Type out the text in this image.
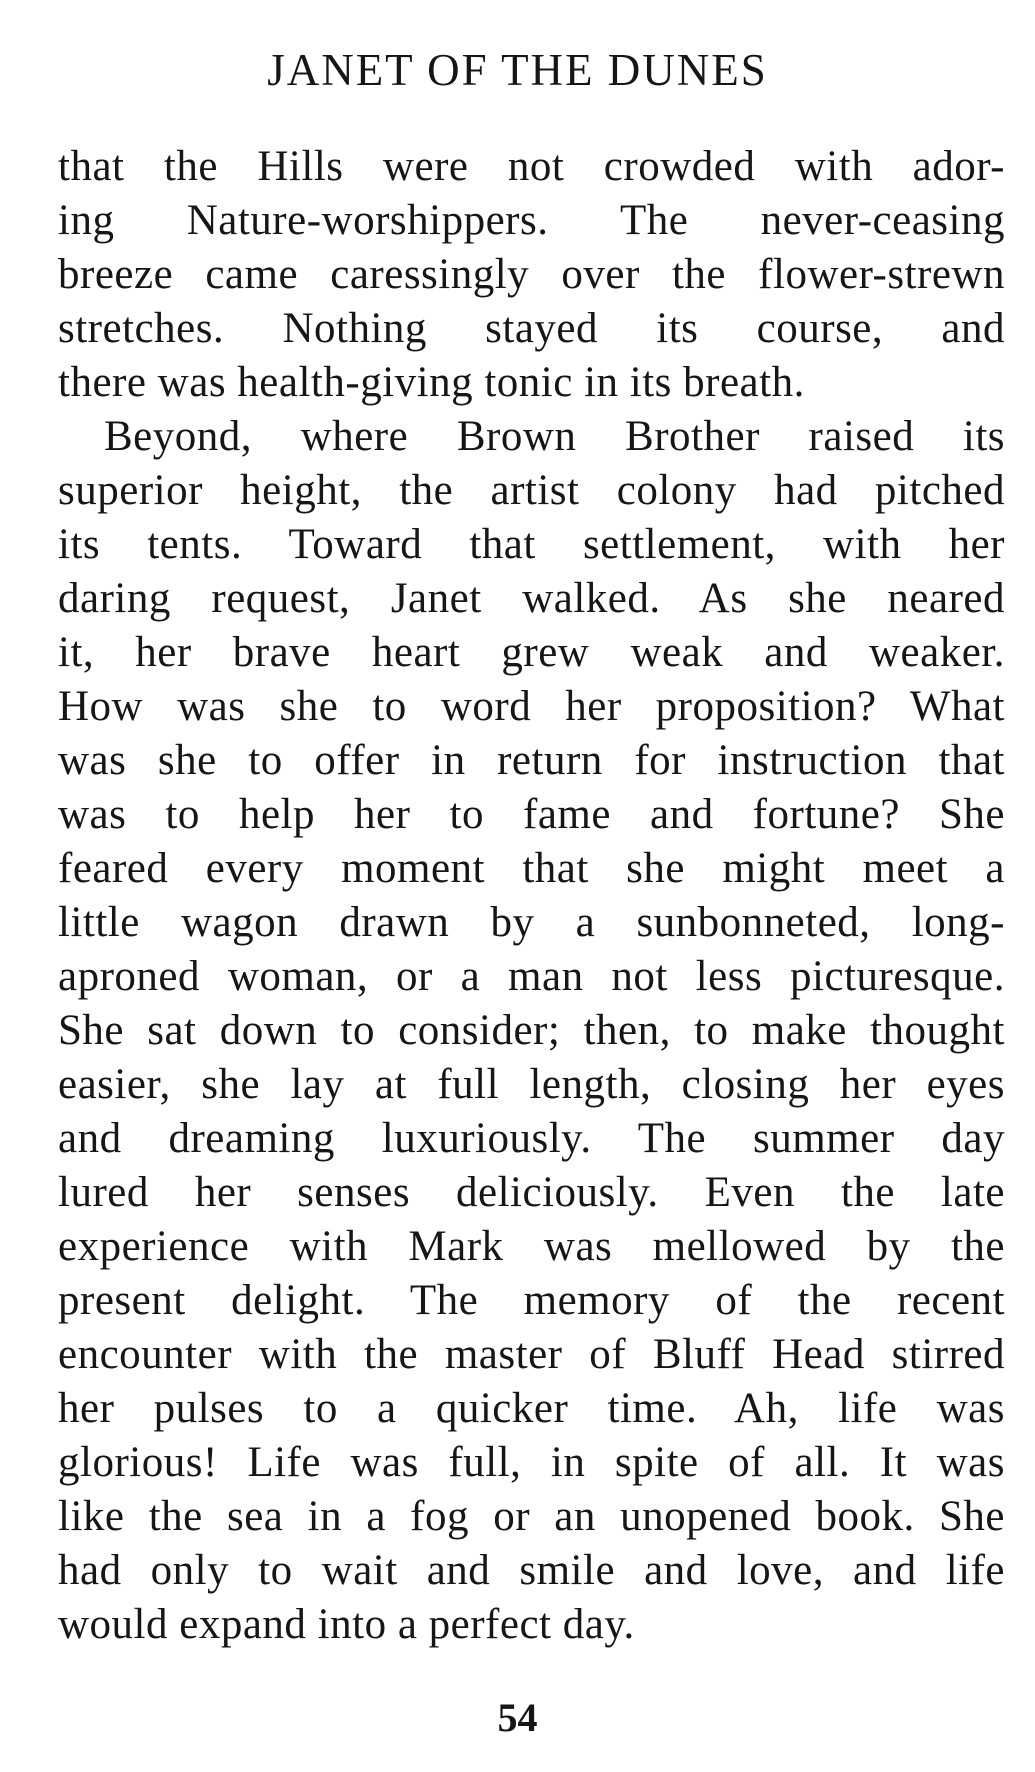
JANET OF THE DUNES
that the Hills were not crowded with ador-
ing Nature-worshippers. The never-ceasing
breeze came caressingly over the flower-strewn
stretches. Nothing stayed its course, and
there was health-giving tonic in its breath.
Beyond, where Brown Brother raised its
superior height, the artist colony had pitched
its tents. Toward that settlement, with her
daring request, Janet walked. As she neared
it, her brave heart grew weak and weaker.
How was she to word her proposition? What
was she to offer in return for instruction that
was to help her to fame and fortune? She
feared every moment that she might meet a
little wagon drawn by a sunbonneted, long-
aproned woman, or a man not less picturesque.
She sat down to consider; then, to make thought
easier, she lay at full length, closing her eyes
and dreaming luxuriously. The summer day
lured her senses deliciously. Even the late
experience with Mark was mellowed by the
present delight. The memory of the recent
encounter with the master of Bluff Head stirred
her pulses to a quicker time. Ah, life was
glorious! Life was full, in spite of all. It was
like the sea in a fog or an unopened book. She
had only to wait and smile and love, and life
would expand into a perfect day.
54
